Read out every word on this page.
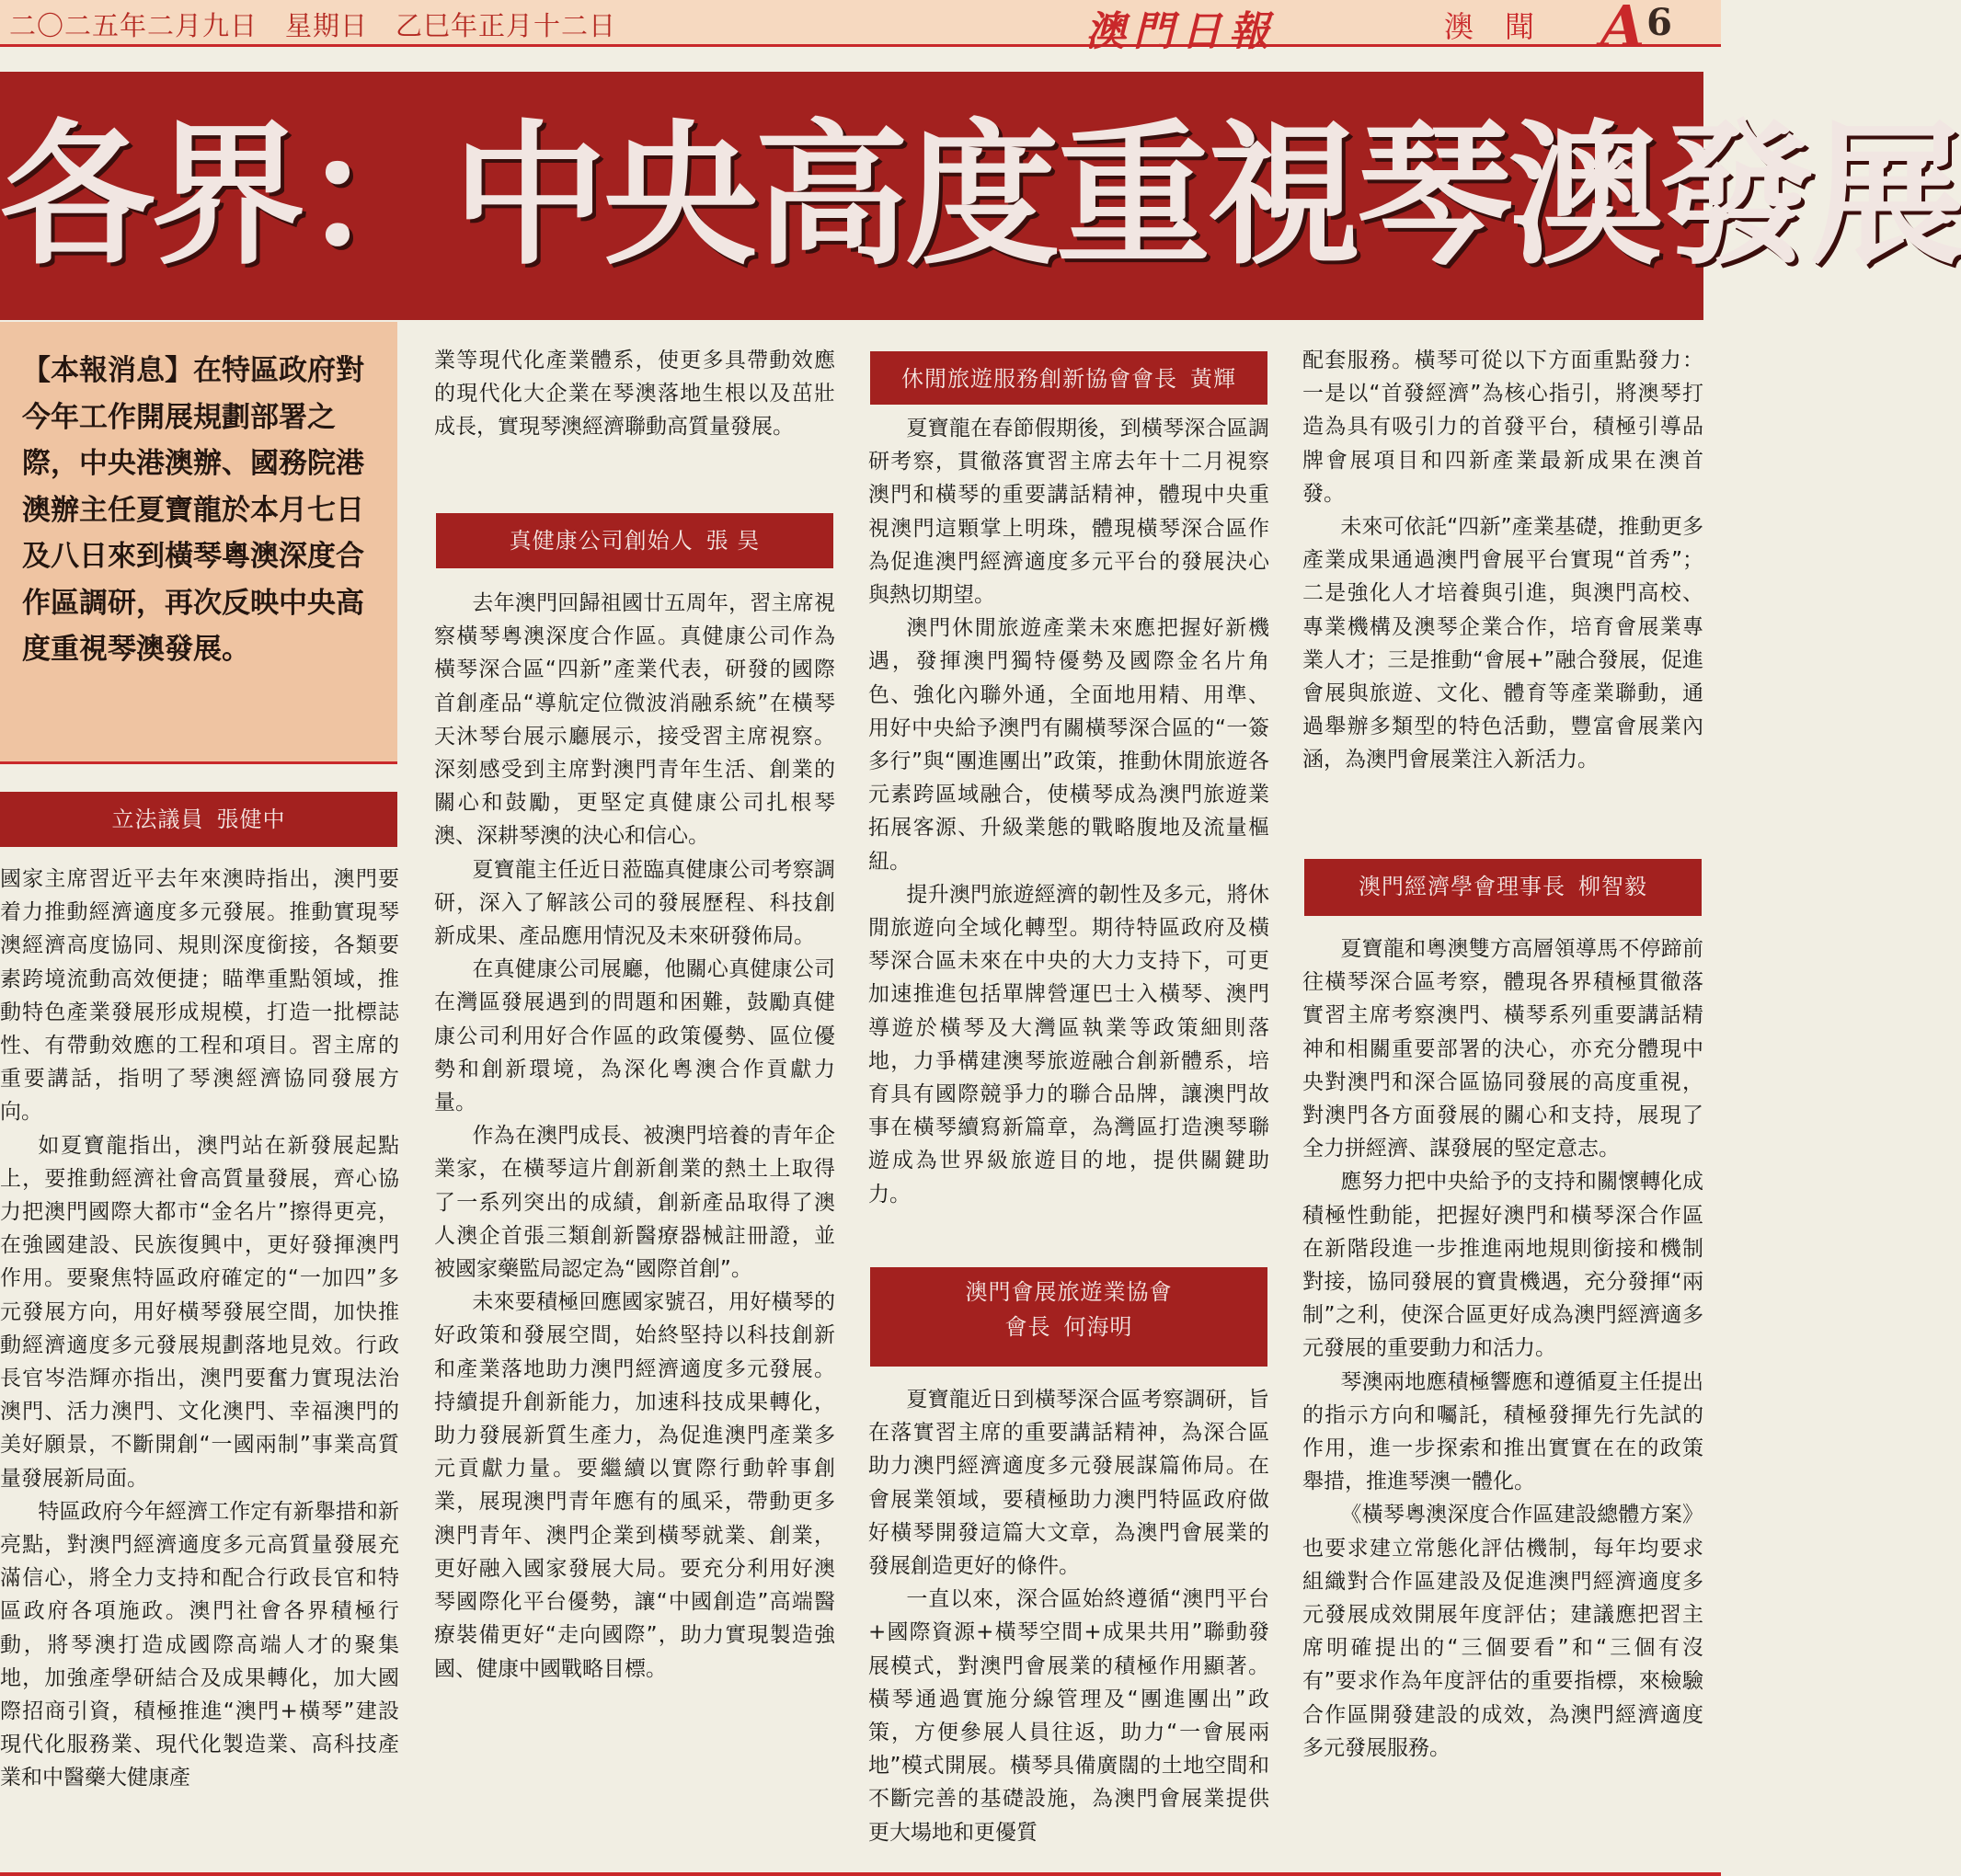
二〇二五年二月九日　星期日　乙巳年正月十二日	澳門日報	澳聞 A6
各界：中央高度重視琴澳發展
【本報消息】在特區政府對今年工作開展規劃部署之際，中央港澳辦、國務院港澳辦主任夏寶龍於本月七日及八日來到橫琴粵澳深度合作區調研，再次反映中央高度重視琴澳發展。
立法議員 張健中

國家主席習近平去年來澳時指出，澳門要着力推動經濟適度多元發展。推動實現琴澳經濟高度協同、規則深度銜接，各類要素跨境流動高效便捷；瞄準重點領域，推動特色產業發展形成規模，打造一批標誌性、有帶動效應的工程和項目。習主席的重要講話，指明了琴澳經濟協同發展方向。

如夏寶龍指出，澳門站在新發展起點上，要推動經濟社會高質量發展，齊心協力把澳門國際大都市“金名片”擦得更亮，在強國建設、民族復興中，更好發揮澳門作用。要聚焦特區政府確定的“一加四”多元發展方向，用好橫琴發展空間，加快推動經濟適度多元發展規劃落地見效。行政長官岑浩輝亦指出，澳門要奮力實現法治澳門、活力澳門、文化澳門、幸福澳門的美好願景，不斷開創“一國兩制”事業高質量發展新局面。

特區政府今年經濟工作定有新舉措和新亮點，對澳門經濟適度多元高質量發展充滿信心，將全力支持和配合行政長官和特區政府各項施政。澳門社會各界積極行動，將琴澳打造成國際高端人才的聚集地，加強產學研結合及成果轉化，加大國際招商引資，積極推進“澳門+橫琴”建設現代化服務業、現代化製造業、高科技產業和中醫藥大健康產

業等現代化產業體系，使更多具帶動效應的現代化大企業在琴澳落地生根以及茁壯成長，實現琴澳經濟聯動高質量發展。

真健康公司創始人 張 昊

去年澳門回歸祖國廿五周年，習主席視察橫琴粵澳深度合作區。真健康公司作為橫琴深合區“四新”產業代表，研發的國際首創產品“導航定位微波消融系統”在橫琴天沐琴台展示廳展示，接受習主席視察。深刻感受到主席對澳門青年生活、創業的關心和鼓勵，更堅定真健康公司扎根琴澳、深耕琴澳的決心和信心。

夏寶龍主任近日蒞臨真健康公司考察調研，深入了解該公司的發展歷程、科技創新成果、產品應用情況及未來研發佈局。

在真健康公司展廳，他關心真健康公司在灣區發展遇到的問題和困難，鼓勵真健康公司利用好合作區的政策優勢、區位優勢和創新環境，為深化粵澳合作貢獻力量。

作為在澳門成長、被澳門培養的青年企業家，在橫琴這片創新創業的熱土上取得了一系列突出的成績，創新產品取得了澳人澳企首張三類創新醫療器械註冊證，並被國家藥監局認定為“國際首創”。

未來要積極回應國家號召，用好橫琴的好政策和發展空間，始終堅持以科技創新和產業落地助力澳門經濟適度多元發展。持續提升創新能力，加速科技成果轉化，助力發展新質生產力，為促進澳門產業多元貢獻力量。要繼續以實際行動幹事創業，展現澳門青年應有的風采，帶動更多澳門青年、澳門企業到橫琴就業、創業，更好融入國家發展大局。要充分利用好澳琴國際化平台優勢，讓“中國創造”高端醫療裝備更好“走向國際”，助力實現製造強國、健康中國戰略目標。

休閒旅遊服務創新協會會長 黃輝

夏寶龍在春節假期後，到橫琴深合區調研考察，貫徹落實習主席去年十二月視察澳門和橫琴的重要講話精神，體現中央重視澳門這顆掌上明珠，體現橫琴深合區作為促進澳門經濟適度多元平台的發展決心與熱切期望。

澳門休閒旅遊產業未來應把握好新機遇，發揮澳門獨特優勢及國際金名片角色、強化內聯外通，全面地用精、用準、用好中央給予澳門有關橫琴深合區的“一簽多行”與“團進團出”政策，推動休閒旅遊各元素跨區域融合，使橫琴成為澳門旅遊業拓展客源、升級業態的戰略腹地及流量樞紐。

提升澳門旅遊經濟的韌性及多元，將休閒旅遊向全域化轉型。期待特區政府及橫琴深合區未來在中央的大力支持下，可更加速推進包括單牌營運巴士入橫琴、澳門導遊於橫琴及大灣區執業等政策細則落地，力爭構建澳琴旅遊融合創新體系，培育具有國際競爭力的聯合品牌，讓澳門故事在橫琴續寫新篇章，為灣區打造澳琴聯遊成為世界級旅遊目的地，提供關鍵助力。

澳門會展旅遊業協會
會長 何海明

夏寶龍近日到橫琴深合區考察調研，旨在落實習主席的重要講話精神，為深合區助力澳門經濟適度多元發展謀篇佈局。在會展業領域，要積極助力澳門特區政府做好橫琴開發這篇大文章，為澳門會展業的發展創造更好的條件。

一直以來，深合區始終遵循“澳門平台+國際資源+橫琴空間+成果共用”聯動發展模式，對澳門會展業的積極作用顯著。橫琴通過實施分線管理及“團進團出”政策，方便參展人員往返，助力“一會展兩地”模式開展。橫琴具備廣闊的土地空間和不斷完善的基礎設施，為澳門會展業提供更大場地和更優質

配套服務。橫琴可從以下方面重點發力：一是以“首發經濟”為核心指引，將澳琴打造為具有吸引力的首發平台，積極引導品牌會展項目和四新產業最新成果在澳首發。

未來可依託“四新”產業基礎，推動更多產業成果通過澳門會展平台實現“首秀”；二是強化人才培養與引進，與澳門高校、專業機構及澳琴企業合作，培育會展業專業人才；三是推動“會展+”融合發展，促進會展與旅遊、文化、體育等產業聯動，通過舉辦多類型的特色活動，豐富會展業內涵，為澳門會展業注入新活力。

澳門經濟學會理事長 柳智毅

夏寶龍和粵澳雙方高層領導馬不停蹄前往橫琴深合區考察，體現各界積極貫徹落實習主席考察澳門、橫琴系列重要講話精神和相關重要部署的決心，亦充分體現中央對澳門和深合區協同發展的高度重視，對澳門各方面發展的關心和支持，展現了全力拼經濟、謀發展的堅定意志。

應努力把中央給予的支持和關懷轉化成積極性動能，把握好澳門和橫琴深合作區在新階段進一步推進兩地規則銜接和機制對接，協同發展的寶貴機遇，充分發揮“兩制”之利，使深合區更好成為澳門經濟適多元發展的重要動力和活力。

琴澳兩地應積極響應和遵循夏主任提出的指示方向和囑託，積極發揮先行先試的作用，進一步探索和推出實實在在的政策舉措，推進琴澳一體化。

《橫琴粵澳深度合作區建設總體方案》也要求建立常態化評估機制，每年均要求組織對合作區建設及促進澳門經濟適度多元發展成效開展年度評估；建議應把習主席明確提出的“三個要看”和“三個有沒有”要求作為年度評估的重要指標，來檢驗合作區開發建設的成效，為澳門經濟適度多元發展服務。
